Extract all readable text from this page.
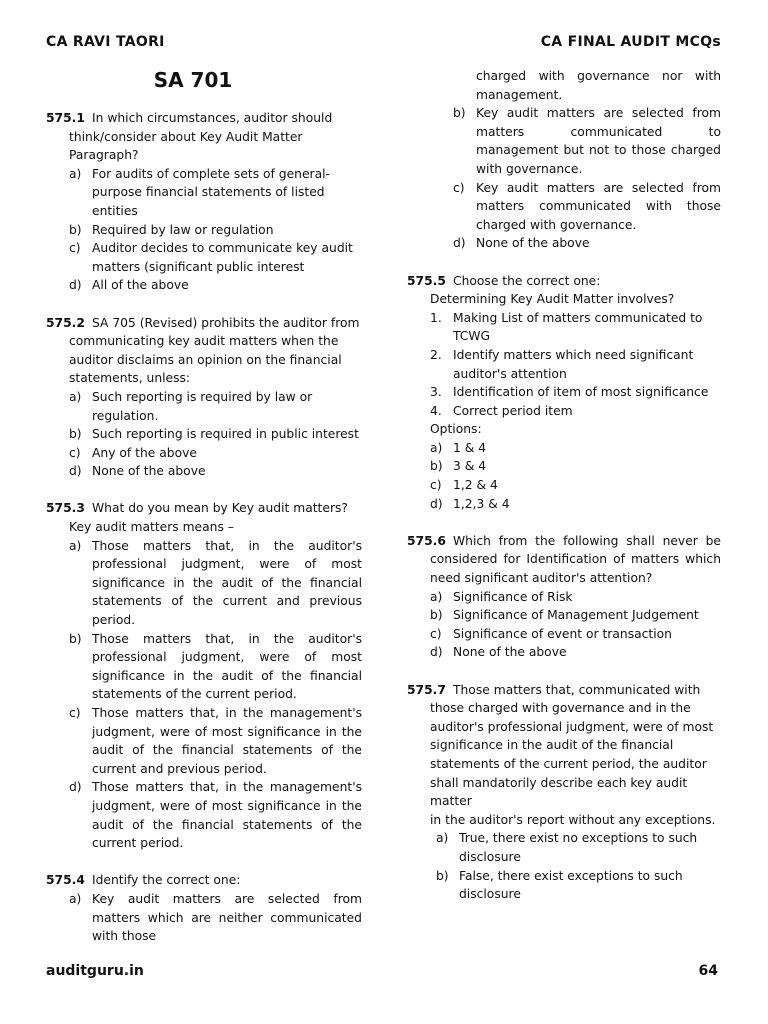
CA RAVI TAORI	CA FINAL AUDIT MCQs
SA 701
575.1 In which circumstances, auditor should
think/consider about Key Audit Matter
Paragraph?
a) For audits of complete sets of general-
purpose financial statements of listed
entities
b) Required by law or regulation
c) Auditor decides to communicate key audit
matters (significant public interest
d) All of the above
575.2 SA 705 (Revised) prohibits the auditor from
communicating key audit matters when the
auditor disclaims an opinion on the financial
statements, unless:
a) Such reporting is required by law or
regulation.
b) Such reporting is required in public interest
c) Any of the above
d) None of the above
575.3 What do you mean by Key audit matters?
Key audit matters means –
a) Those matters that, in the auditor's professional judgment, were of most significance in the audit of the financial statements of the current and previous period.
b) Those matters that, in the auditor's professional judgment, were of most significance in the audit of the financial statements of the current period.
c) Those matters that, in the management's judgment, were of most significance in the audit of the financial statements of the current and previous period.
d) Those matters that, in the management's judgment, were of most significance in the audit of the financial statements of the current period.
575.4 Identify the correct one:
a) Key audit matters are selected from matters which are neither communicated with those
charged with governance nor with management.
b) Key audit matters are selected from matters communicated to management but not to those charged with governance.
c) Key audit matters are selected from matters communicated with those charged with governance.
d) None of the above
575.5 Choose the correct one:
Determining Key Audit Matter involves?
1. Making List of matters communicated to
TCWG
2. Identify matters which need significant
auditor's attention
3. Identification of item of most significance
4. Correct period item
Options:
a) 1 & 4
b) 3 & 4
c) 1,2 & 4
d) 1,2,3 & 4
575.6 Which from the following shall never be
considered for Identification of matters which
need significant auditor's attention?
a) Significance of Risk
b) Significance of Management Judgement
c) Significance of event or transaction
d) None of the above
575.7 Those matters that, communicated with
those charged with governance and in the
auditor's professional judgment, were of most
significance in the audit of the financial
statements of the current period, the auditor
shall mandatorily describe each key audit matter
in the auditor's report without any exceptions.
a) True, there exist no exceptions to such
disclosure
b) False, there exist exceptions to such
disclosure
auditguru.in	64
